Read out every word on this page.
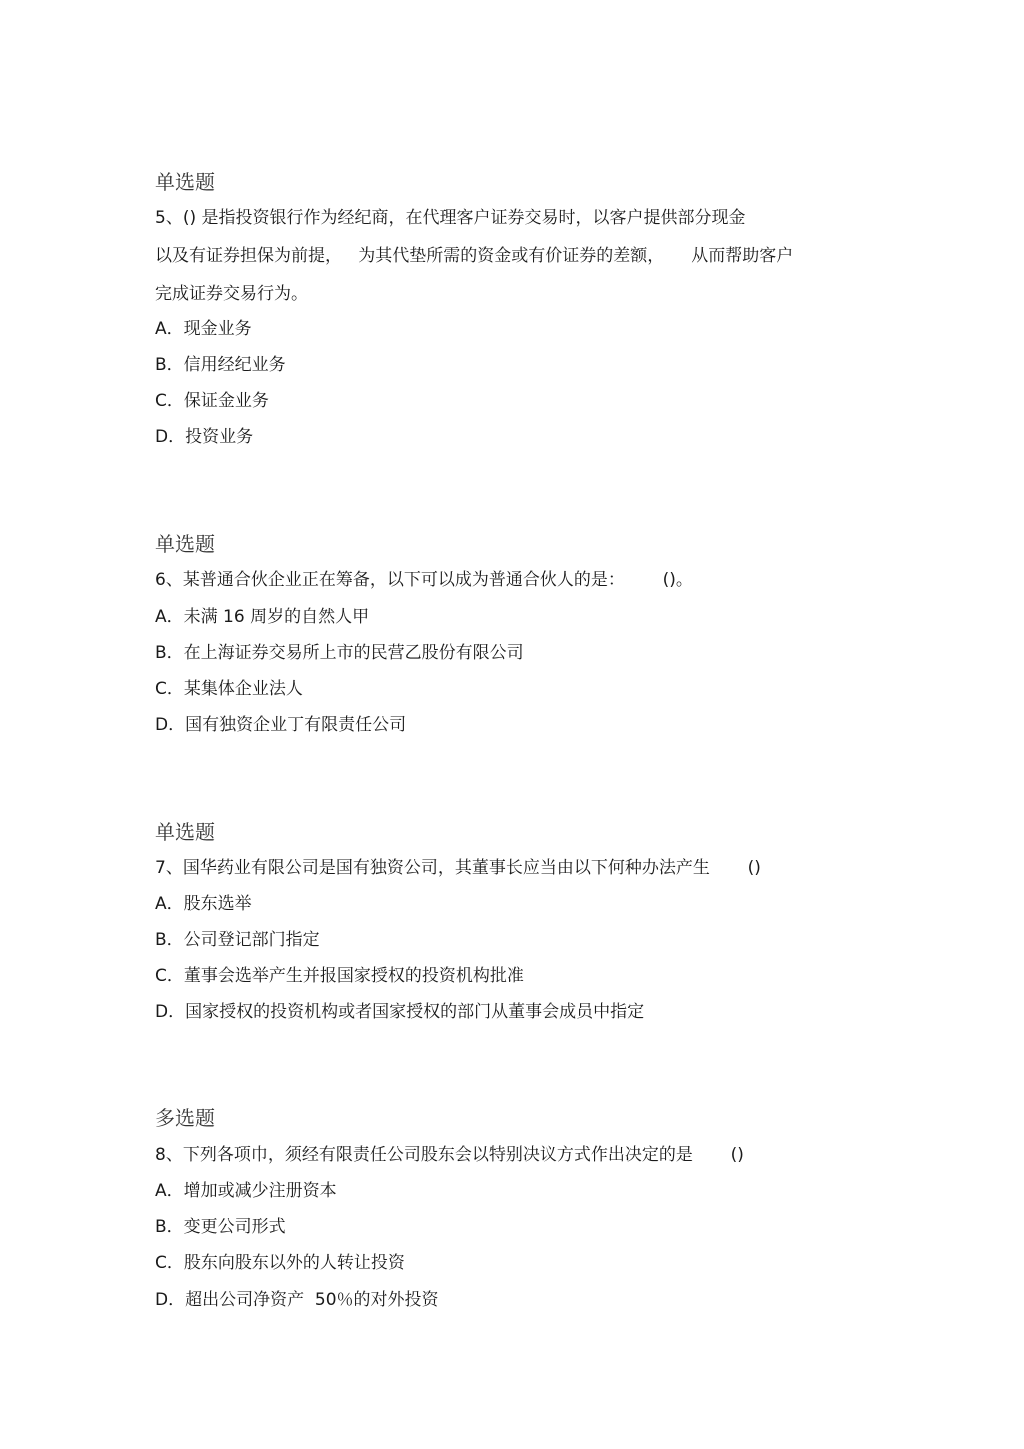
单选题
5、() 是指投资银行作为经纪商，在代理客户证券交易时，以客户提供部分现金
以及有证券担保为前提，   为其代垫所需的资金或有价证券的差额，     从而帮助客户
完成证券交易行为。
A．现金业务
B．信用经纪业务
C．保证金业务
D．投资业务
单选题
6、某普通合伙企业正在筹备，以下可以成为普通合伙人的是：       ()。
A．未满 16 周岁的自然人甲
B．在上海证券交易所上市的民营乙股份有限公司
C．某集体企业法人
D．国有独资企业丁有限责任公司
单选题
7、国华药业有限公司是国有独资公司，其董事长应当由以下何种办法产生       ()
A．股东选举
B．公司登记部门指定
C．董事会选举产生并报国家授权的投资机构批准
D．国家授权的投资机构或者国家授权的部门从董事会成员中指定
多选题
8、下列各项巾，须经有限责任公司股东会以特别决议方式作出决定的是       ()
A．增加或减少注册资本
B．变更公司形式
C．股东向股东以外的人转让投资
D．超出公司净资产  50％的对外投资
